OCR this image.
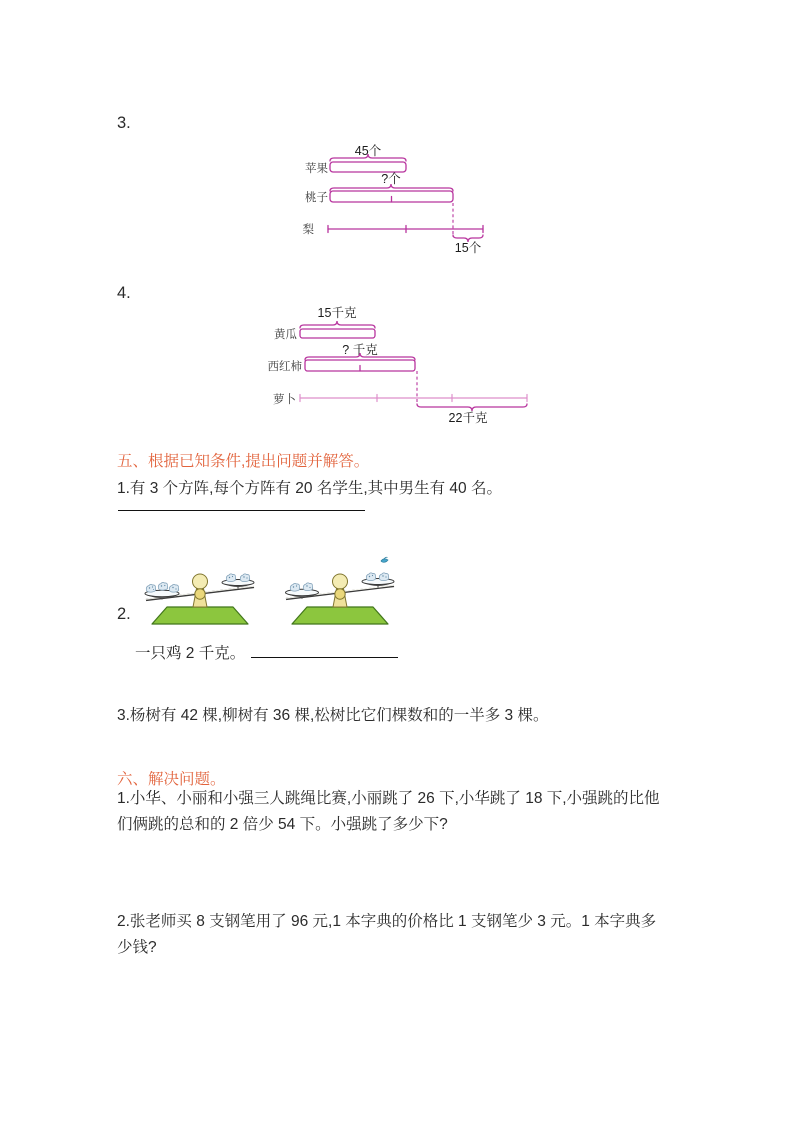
3.
45个
苹果
?个
桃子
梨
15个
4.
15千克
黄瓜
? 千克
西红柿
萝卜
22千克
五、根据已知条件,提出问题并解答。
1.有 3 个方阵,每个方阵有 20 名学生,其中男生有 40 名。
2.
一只鸡 2 千克。
3.杨树有 42 棵,柳树有 36 棵,松树比它们棵数和的一半多 3 棵。
六、解决问题。
1.小华、小丽和小强三人跳绳比赛,小丽跳了 26 下,小华跳了 18 下,小强跳的比他
们俩跳的总和的 2 倍少 54 下。小强跳了多少下?
2.张老师买 8 支钢笔用了 96 元,1 本字典的价格比 1 支钢笔少 3 元。1 本字典多
少钱?
